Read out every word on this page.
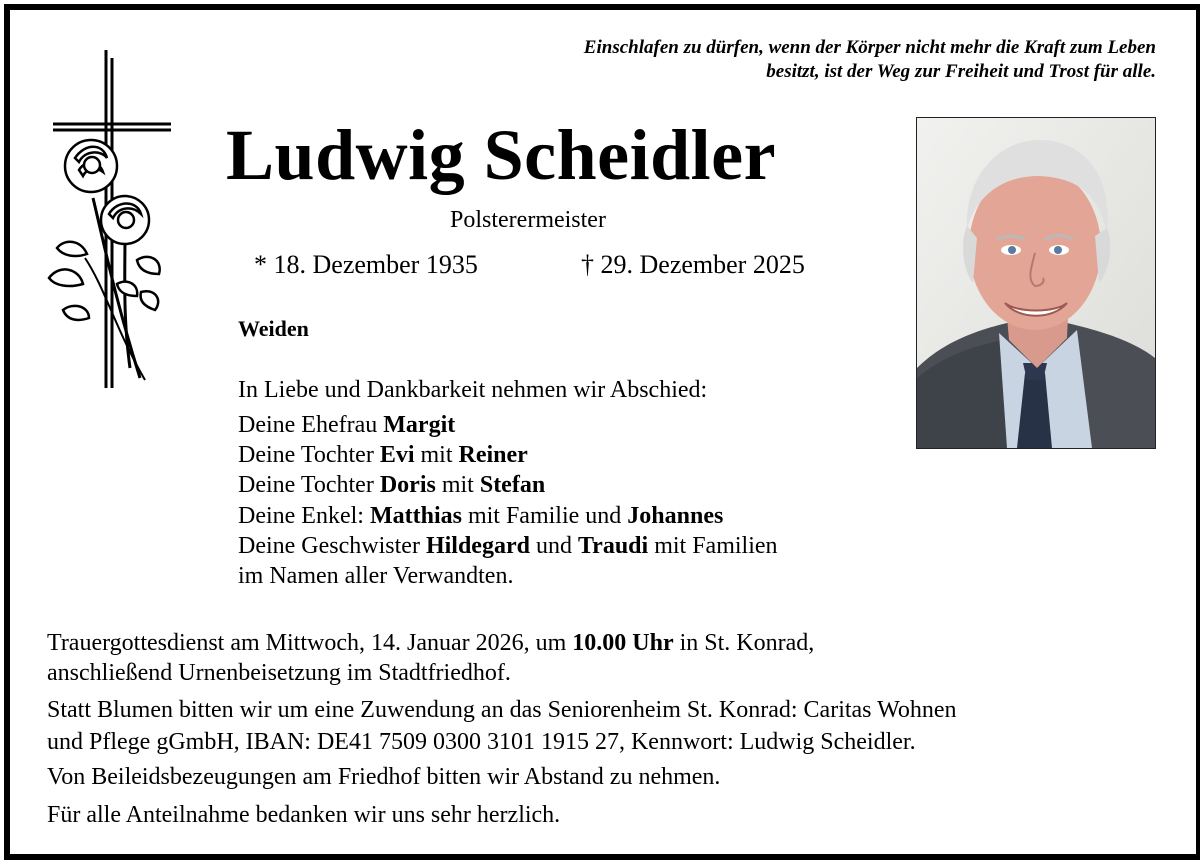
Einschlafen zu dürfen, wenn der Körper nicht mehr die Kraft zum Leben
besitzt, ist der Weg zur Freiheit und Trost für alle.
Ludwig Scheidler
Polsterermeister
* 18. Dezember 1935	† 29. Dezember 2025
Weiden
In Liebe und Dankbarkeit nehmen wir Abschied:
Deine Ehefrau Margit
Deine Tochter Evi mit Reiner
Deine Tochter Doris mit Stefan
Deine Enkel: Matthias mit Familie und Johannes
Deine Geschwister Hildegard und Traudi mit Familien
im Namen aller Verwandten.
Trauergottesdienst am Mittwoch, 14. Januar 2026, um 10.00 Uhr in St. Konrad,
anschließend Urnenbeisetzung im Stadtfriedhof.
Statt Blumen bitten wir um eine Zuwendung an das Seniorenheim St. Konrad: Caritas Wohnen
und Pflege gGmbH, IBAN: DE41 7509 0300 3101 1915 27, Kennwort: Ludwig Scheidler.
Von Beileidsbezeugungen am Friedhof bitten wir Abstand zu nehmen.
Für alle Anteilnahme bedanken wir uns sehr herzlich.
